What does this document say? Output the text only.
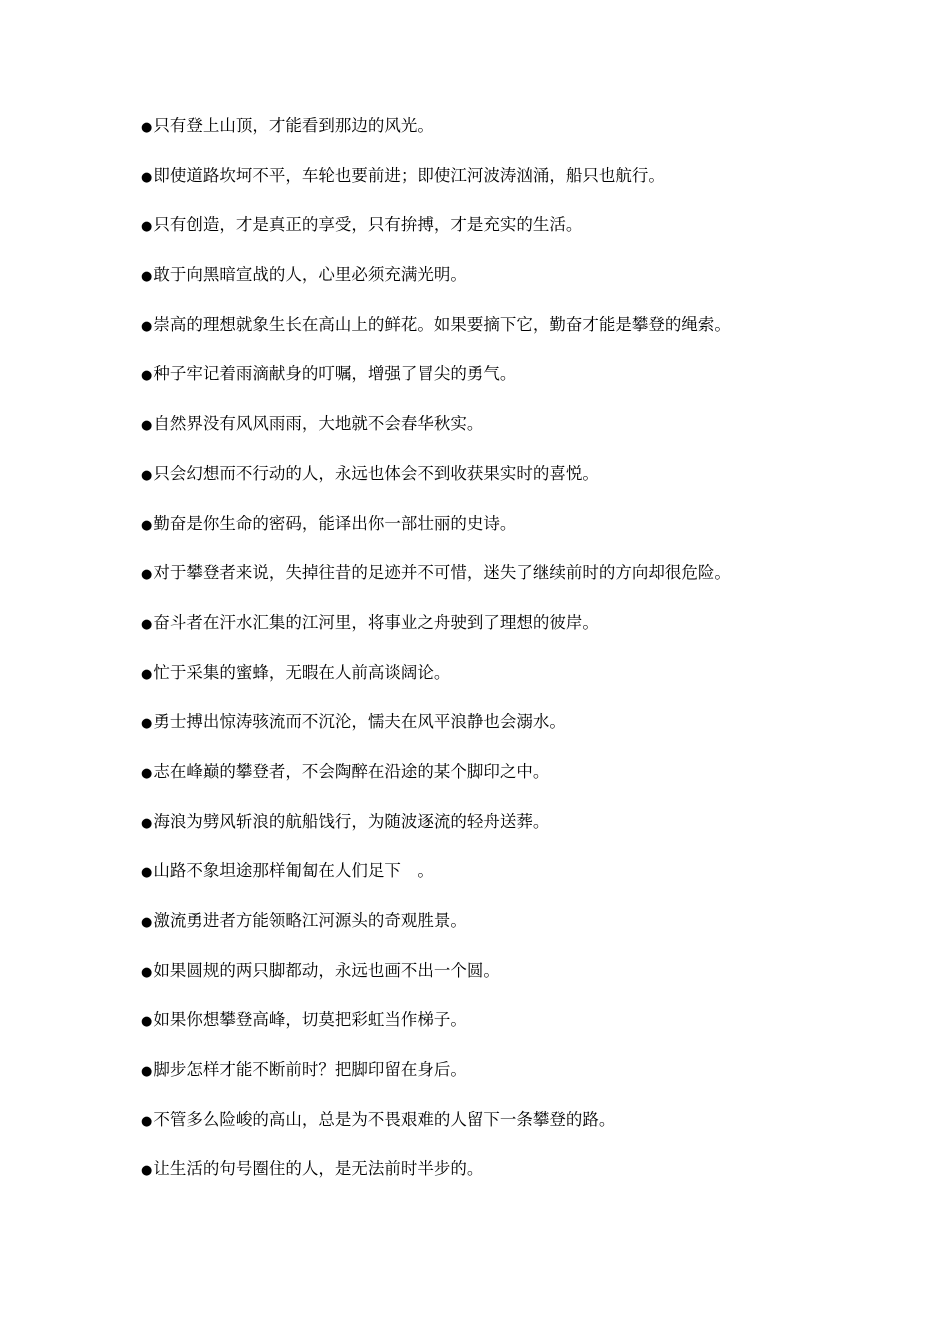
●只有登上山顶，才能看到那边的风光。
●即使道路坎坷不平，车轮也要前进；即使江河波涛汹涌，船只也航行。
●只有创造，才是真正的享受，只有拚搏，才是充实的生活。
●敢于向黑暗宣战的人，心里必须充满光明。
●崇高的理想就象生长在高山上的鲜花。如果要摘下它，勤奋才能是攀登的绳索。
●种子牢记着雨滴献身的叮嘱，增强了冒尖的勇气。
●自然界没有风风雨雨，大地就不会春华秋实。
●只会幻想而不行动的人，永远也体会不到收获果实时的喜悦。
●勤奋是你生命的密码，能译出你一部壮丽的史诗。
●对于攀登者来说，失掉往昔的足迹并不可惜，迷失了继续前时的方向却很危险。
●奋斗者在汗水汇集的江河里，将事业之舟驶到了理想的彼岸。
●忙于采集的蜜蜂，无暇在人前高谈阔论。
●勇士搏出惊涛骇流而不沉沦，懦夫在风平浪静也会溺水。
●志在峰巅的攀登者，不会陶醉在沿途的某个脚印之中。
●海浪为劈风斩浪的航船饯行，为随波逐流的轻舟送葬。
●山路不象坦途那样匍匐在人们足下　。
●激流勇进者方能领略江河源头的奇观胜景。
●如果圆规的两只脚都动，永远也画不出一个圆。
●如果你想攀登高峰，切莫把彩虹当作梯子。
●脚步怎样才能不断前时？把脚印留在身后。
●不管多么险峻的高山，总是为不畏艰难的人留下一条攀登的路。
●让生活的句号圈住的人，是无法前时半步的。
